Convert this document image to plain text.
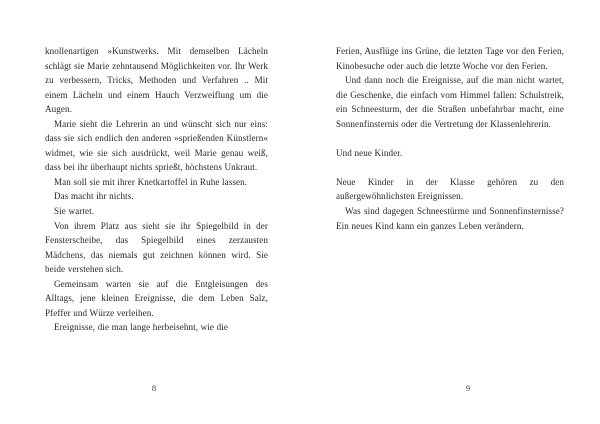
knollenartigen »Kunstwerks. Mit demselben Lächeln schlägt sie Marie zehntausend Möglichkeiten vor. Ihr Werk zu verbessern, Tricks, Methoden und Verfahren .. Mit einem Lächeln und einem Hauch Verzweiflung um die Augen.

Marie sieht die Lehrerin an und wünscht sich nur eins: dass sie sich endlich den anderen »sprießenden Künstlern« widmet, wie sie sich ausdrückt, weil Marie genau weiß, dass bei ihr überhaupt nichts sprießt, höchstens Unkraut.

Man soll sie mit ihrer Knetkartoffel in Ruhe lassen.

Das macht ihr nichts.

Sie wartet.

Von ihrem Platz aus sieht sie ihr Spiegelbild in der Fensterscheibe, das Spiegelbild eines zerzausten Mädchens, das niemals gut zeichnen können wird. Sie beide verstehen sich.

Gemeinsam warten sie auf die Entgleisungen des Alltags, jene kleinen Ereignisse, die dem Leben Salz, Pfeffer und Würze verleihen.

Ereignisse, die man lange herbeisehnt, wie die

8

Ferien, Ausflüge ins Grüne, die letzten Tage vor den Ferien, Kinobesuche oder auch die letzte Woche vor den Ferien.

Und dann noch die Ereignisse, auf die man nicht wartet, die Geschenke, die einfach vom Himmel fallen: Schulstreik, ein Schneesturm, der die Straßen unbefahrbar macht, eine Sonnenfinsternis oder die Vertretung der Klassenlehrerin.

Und neue Kinder.

Neue Kinder in der Klasse gehören zu den außergewöhnlichsten Ereignissen.

Was sind dagegen Schneestürme und Sonnenfinsternisse? Ein neues Kind kann ein ganzes Leben verändern.

9
